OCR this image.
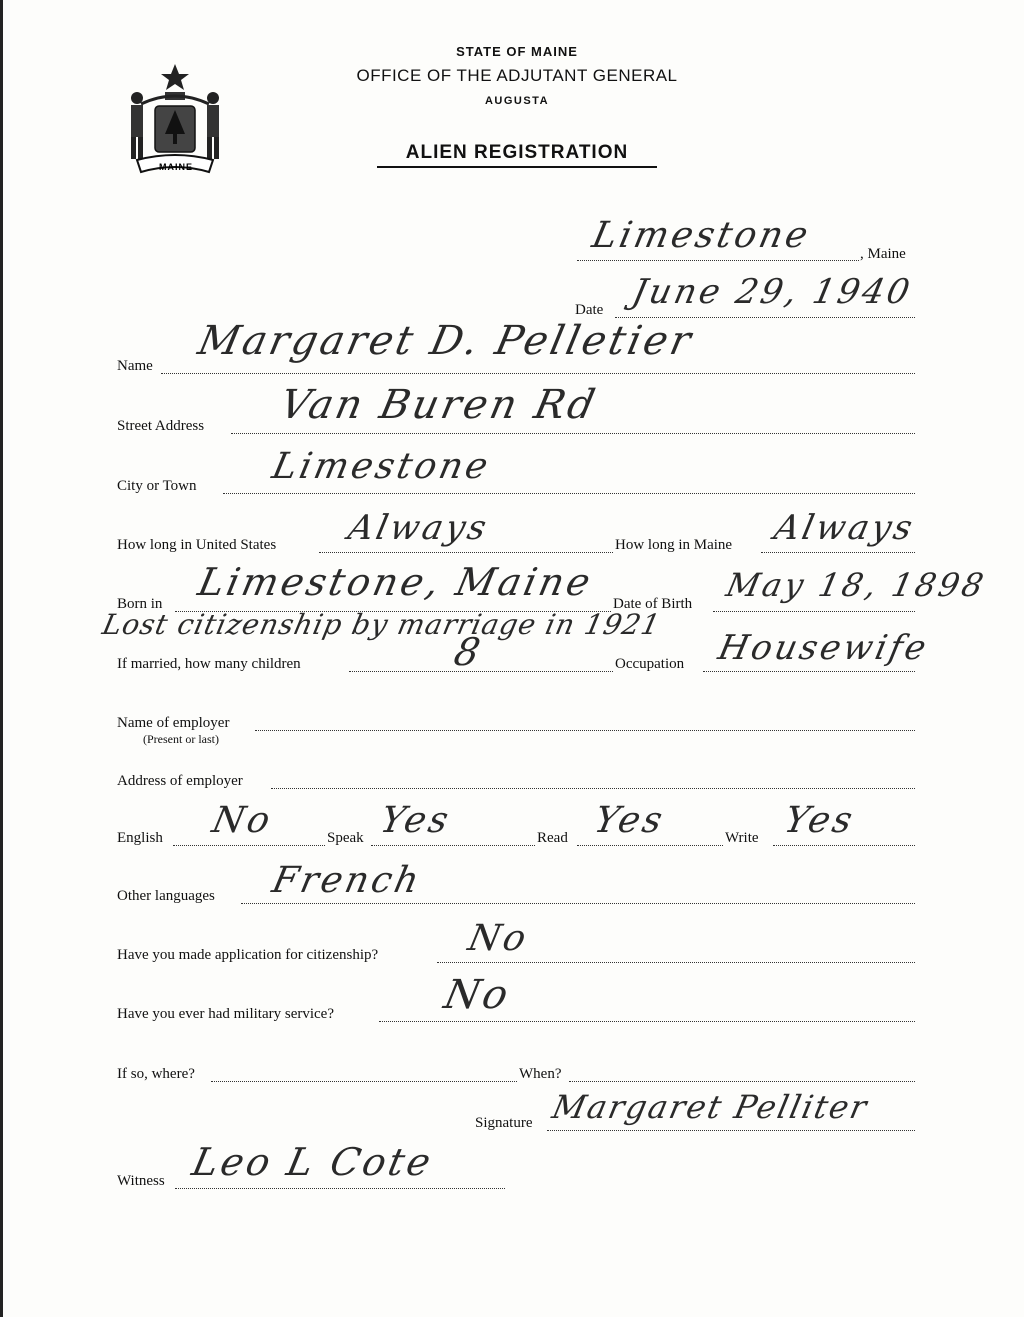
MAINE
STATE OF MAINE
OFFICE OF THE ADJUTANT GENERAL
AUGUSTA
ALIEN REGISTRATION
Limestone	, Maine
Date June 29, 1940
Name
Margaret D. Pelletier
Street Address Van Buren Rd
City or Town Limestone
How long in United States Always	How long in Maine Always
Born in Limestone, Maine Date of Birth May 18, 1898
Lost citizenship by marriage in 1921
If married, how many children	8	Occupation Housewife
Name of employer
(Present or last)
Address of employer
English No	Speak Yes	Read Yes	Write Yes
Other languages French
Have you made application for citizenship? No
Have you ever had military service?	No
If so, where?	When?
Signature Margaret Pelliter
Witness Leo L Cote
